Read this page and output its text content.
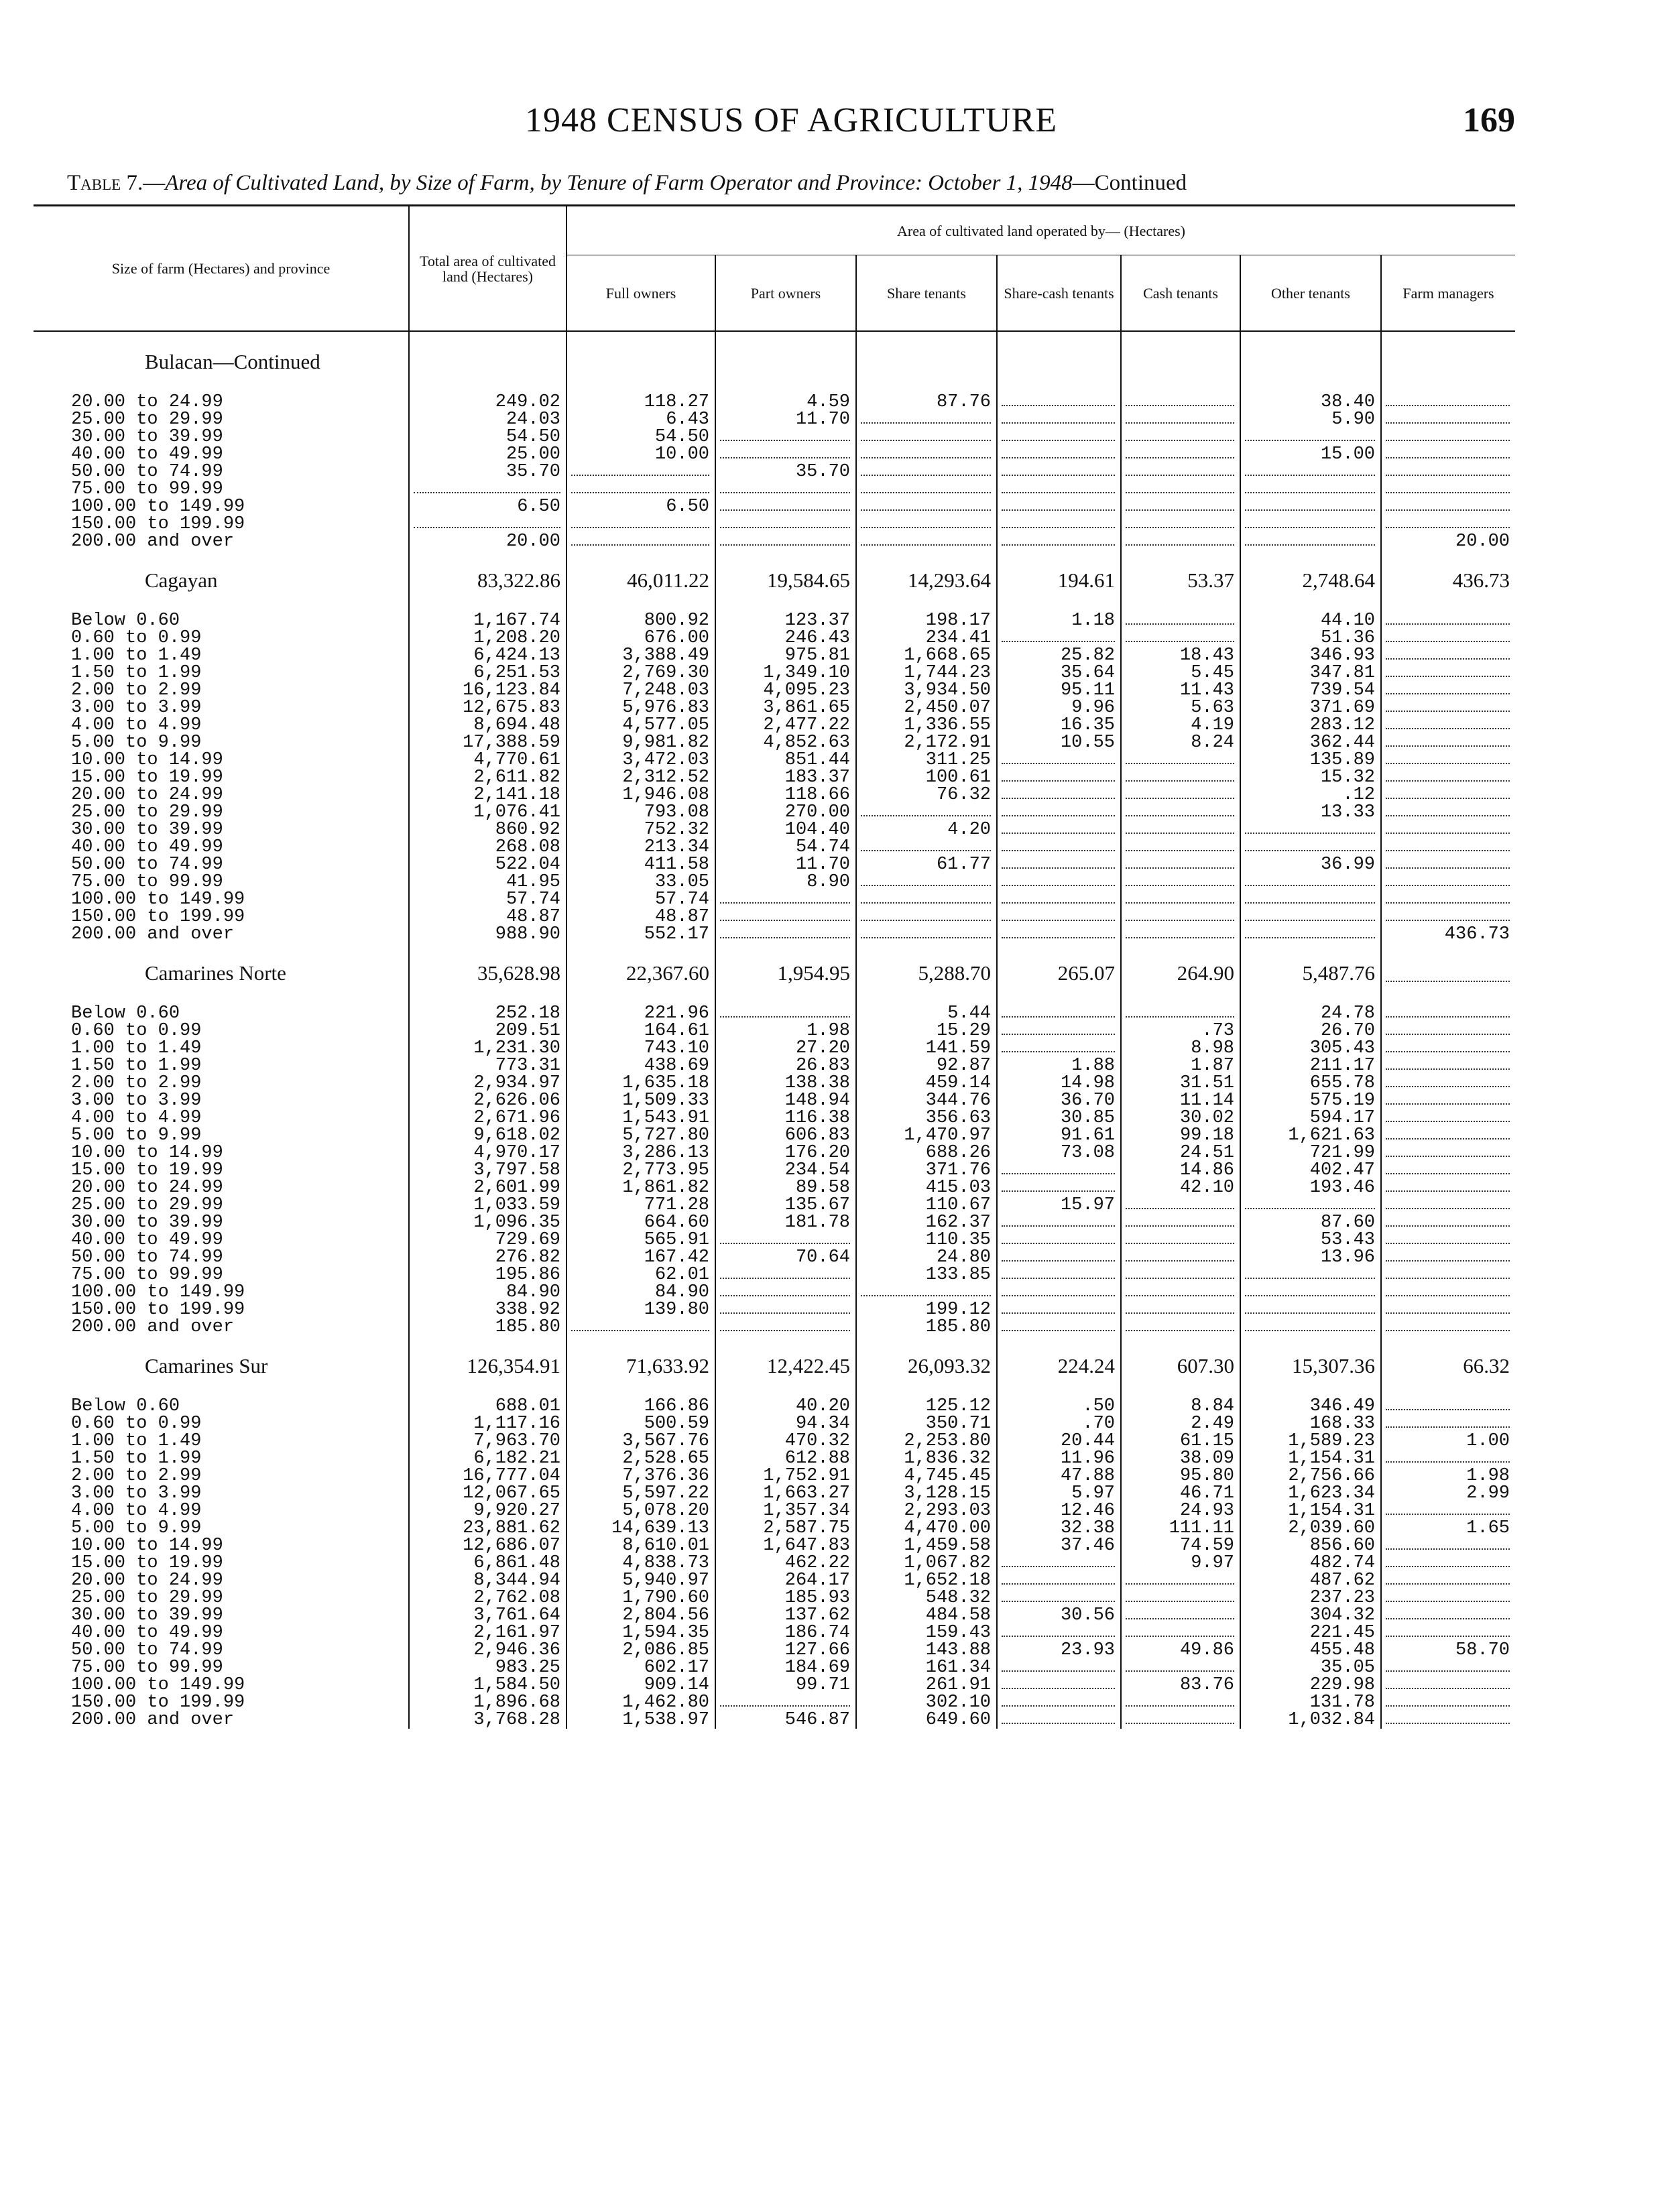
1948 CENSUS OF AGRICULTURE	169
Table 7.—Area of Cultivated Land, by Size of Farm, by Tenure of Farm Operator and Province: October 1, 1948—Continued
Size of farm (Hectares) and province	Total area of cultivated land (Hectares)	Area of cultivated land operated by— (Hectares)						
		Full owners	Part owners	Share tenants	Share-cash tenants	Cash tenants	Other tenants	Farm managers
Bulacan—Continued								

20.00 to 24.99	249.02	118.27	4.59	87.76			38.40	

25.00 to 29.99	24.03	6.43	11.70				5.90	

30.00 to 39.99	54.50	54.50	

40.00 to 49.99	25.00	10.00					15.00	

50.00 to 74.99	35.70		35.70	

75.00 to 99.99	

100.00 to 149.99	6.50	6.50	

150.00 to 199.99	

200.00 and over	20.00							20.00
Cagayan	83,322.86	46,011.22	19,584.65	14,293.64	194.61	53.37	2,748.64	436.73

Below 0.60	1,167.74	800.92	123.37	198.17	1.18		44.10	

0.60 to 0.99	1,208.20	676.00	246.43	234.41			51.36	

1.00 to 1.49	6,424.13	3,388.49	975.81	1,668.65	25.82	18.43	346.93	

1.50 to 1.99	6,251.53	2,769.30	1,349.10	1,744.23	35.64	5.45	347.81	

2.00 to 2.99	16,123.84	7,248.03	4,095.23	3,934.50	95.11	11.43	739.54	

3.00 to 3.99	12,675.83	5,976.83	3,861.65	2,450.07	9.96	5.63	371.69	

4.00 to 4.99	8,694.48	4,577.05	2,477.22	1,336.55	16.35	4.19	283.12	

5.00 to 9.99	17,388.59	9,981.82	4,852.63	2,172.91	10.55	8.24	362.44	

10.00 to 14.99	4,770.61	3,472.03	851.44	311.25			135.89	

15.00 to 19.99	2,611.82	2,312.52	183.37	100.61			15.32	

20.00 to 24.99	2,141.18	1,946.08	118.66	76.32			.12	

25.00 to 29.99	1,076.41	793.08	270.00				13.33	

30.00 to 39.99	860.92	752.32	104.40	4.20	

40.00 to 49.99	268.08	213.34	54.74	

50.00 to 74.99	522.04	411.58	11.70	61.77			36.99	

75.00 to 99.99	41.95	33.05	8.90	

100.00 to 149.99	57.74	57.74	

150.00 to 199.99	48.87	48.87	

200.00 and over	988.90	552.17						436.73
Camarines Norte	35,628.98	22,367.60	1,954.95	5,288.70	265.07	264.90	5,487.76	

Below 0.60	252.18	221.96		5.44			24.78	

0.60 to 0.99	209.51	164.61	1.98	15.29		.73	26.70	

1.00 to 1.49	1,231.30	743.10	27.20	141.59		8.98	305.43	

1.50 to 1.99	773.31	438.69	26.83	92.87	1.88	1.87	211.17	

2.00 to 2.99	2,934.97	1,635.18	138.38	459.14	14.98	31.51	655.78	

3.00 to 3.99	2,626.06	1,509.33	148.94	344.76	36.70	11.14	575.19	

4.00 to 4.99	2,671.96	1,543.91	116.38	356.63	30.85	30.02	594.17	

5.00 to 9.99	9,618.02	5,727.80	606.83	1,470.97	91.61	99.18	1,621.63	

10.00 to 14.99	4,970.17	3,286.13	176.20	688.26	73.08	24.51	721.99	

15.00 to 19.99	3,797.58	2,773.95	234.54	371.76		14.86	402.47	

20.00 to 24.99	2,601.99	1,861.82	89.58	415.03		42.10	193.46	

25.00 to 29.99	1,033.59	771.28	135.67	110.67	15.97	

30.00 to 39.99	1,096.35	664.60	181.78	162.37			87.60	

40.00 to 49.99	729.69	565.91		110.35			53.43	

50.00 to 74.99	276.82	167.42	70.64	24.80			13.96	

75.00 to 99.99	195.86	62.01		133.85	

100.00 to 149.99	84.90	84.90	

150.00 to 199.99	338.92	139.80		199.12	

200.00 and over	185.80			185.80	

Camarines Sur	126,354.91	71,633.92	12,422.45	26,093.32	224.24	607.30	15,307.36	66.32

Below 0.60	688.01	166.86	40.20	125.12	.50	8.84	346.49	

0.60 to 0.99	1,117.16	500.59	94.34	350.71	.70	2.49	168.33	

1.00 to 1.49	7,963.70	3,567.76	470.32	2,253.80	20.44	61.15	1,589.23	1.00
1.50 to 1.99	6,182.21	2,528.65	612.88	1,836.32	11.96	38.09	1,154.31	

2.00 to 2.99	16,777.04	7,376.36	1,752.91	4,745.45	47.88	95.80	2,756.66	1.98
3.00 to 3.99	12,067.65	5,597.22	1,663.27	3,128.15	5.97	46.71	1,623.34	2.99
4.00 to 4.99	9,920.27	5,078.20	1,357.34	2,293.03	12.46	24.93	1,154.31	

5.00 to 9.99	23,881.62	14,639.13	2,587.75	4,470.00	32.38	111.11	2,039.60	1.65
10.00 to 14.99	12,686.07	8,610.01	1,647.83	1,459.58	37.46	74.59	856.60	

15.00 to 19.99	6,861.48	4,838.73	462.22	1,067.82		9.97	482.74	

20.00 to 24.99	8,344.94	5,940.97	264.17	1,652.18			487.62	

25.00 to 29.99	2,762.08	1,790.60	185.93	548.32			237.23	

30.00 to 39.99	3,761.64	2,804.56	137.62	484.58	30.56		304.32	

40.00 to 49.99	2,161.97	1,594.35	186.74	159.43			221.45	

50.00 to 74.99	2,946.36	2,086.85	127.66	143.88	23.93	49.86	455.48	58.70
75.00 to 99.99	983.25	602.17	184.69	161.34			35.05	

100.00 to 149.99	1,584.50	909.14	99.71	261.91		83.76	229.98	

150.00 to 199.99	1,896.68	1,462.80		302.10			131.78	

200.00 and over	3,768.28	1,538.97	546.87	649.60			1,032.84	
